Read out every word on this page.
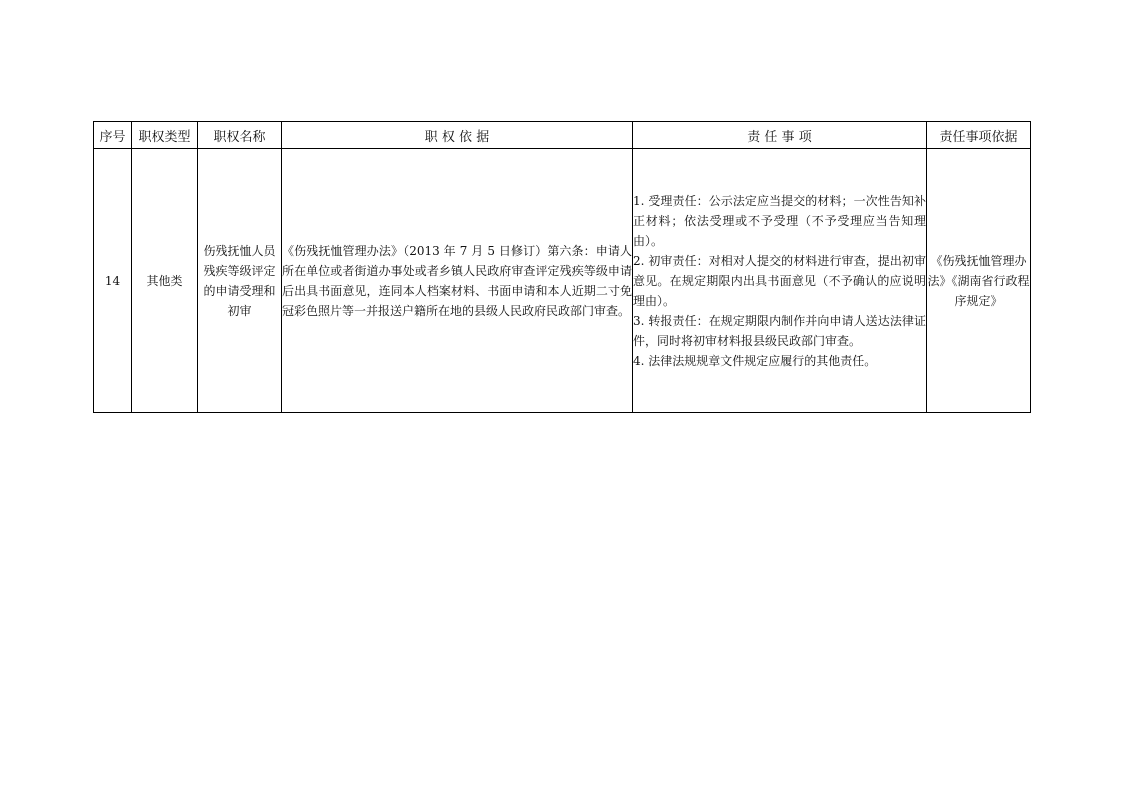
序号	职权类型	职权名称	职 权 依 据	责 任 事 项	责任事项依据
14	其他类	伤残抚恤人员残疾等级评定的申请受理和初审	《伤残抚恤管理办法》（2013 年 7 月 5 日修订）第六条：申请人所在单位或者街道办事处或者乡镇人民政府审查评定残疾等级申请后出具书面意见，连同本人档案材料、书面申请和本人近期二寸免冠彩色照片等一并报送户籍所在地的县级人民政府民政部门审查。	1. 受理责任：公示法定应当提交的材料；一次性告知补正材料；依法受理或不予受理（不予受理应当告知理由）。
2. 初审责任：对相对人提交的材料进行审查，提出初审意见。在规定期限内出具书面意见（不予确认的应说明理由）。
3. 转报责任：在规定期限内制作并向申请人送达法律证件，同时将初审材料报县级民政部门审查。
4. 法律法规规章文件规定应履行的其他责任。	《伤残抚恤管理办法》《湖南省行政程序规定》
